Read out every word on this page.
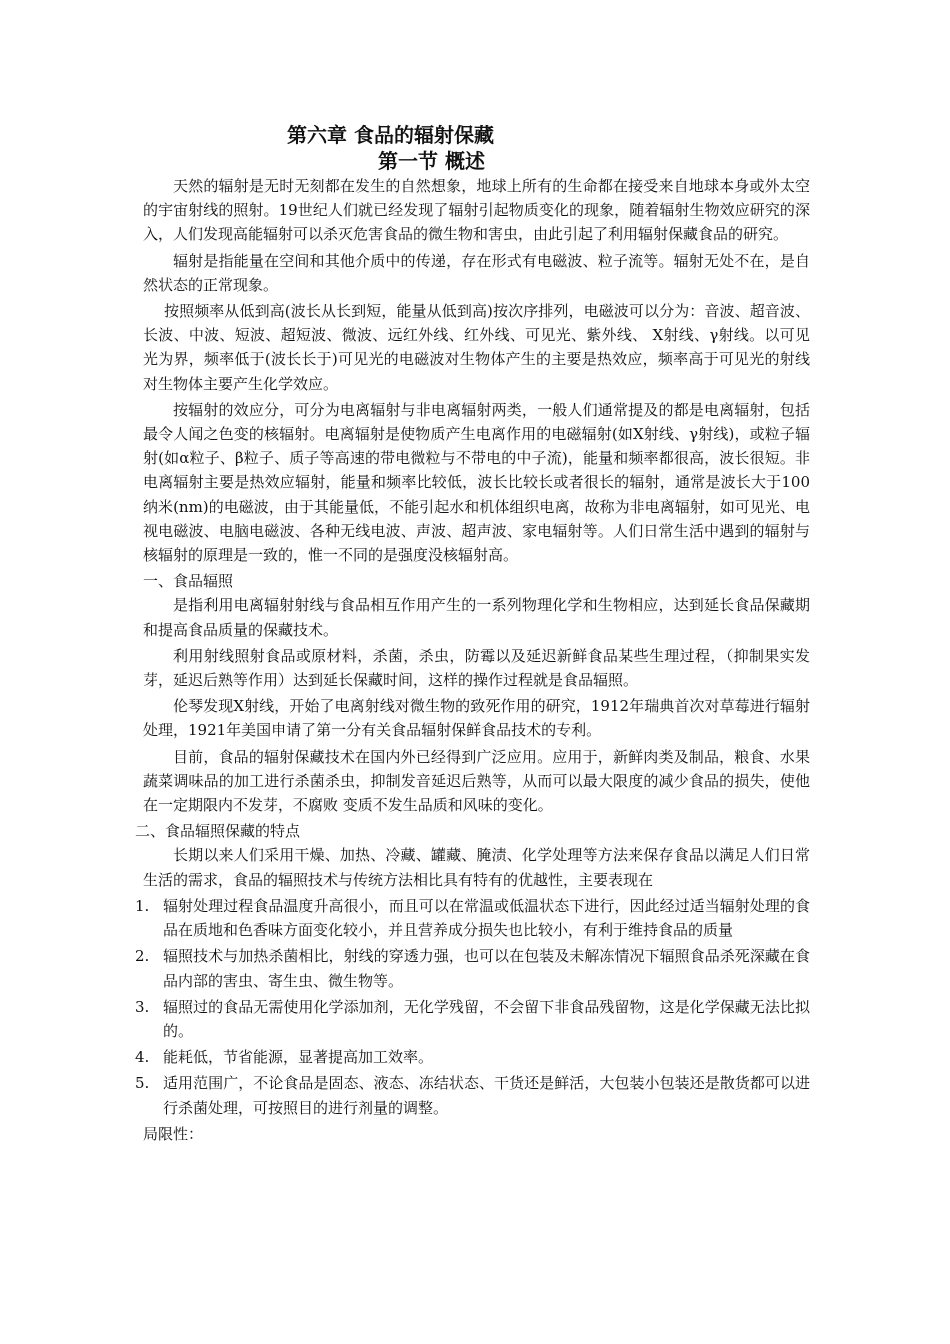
第六章 食品的辐射保藏
第一节 概述

天然的辐射是无时无刻都在发生的自然想象，地球上所有的生命都在接受来自地球本身或外太空的宇宙射线的照射。19世纪人们就已经发现了辐射引起物质变化的现象，随着辐射生物效应研究的深入，人们发现高能辐射可以杀灭危害食品的微生物和害虫，由此引起了利用辐射保藏食品的研究。

辐射是指能量在空间和其他介质中的传递，存在形式有电磁波、粒子流等。辐射无处不在，是自然状态的正常现象。

按照频率从低到高(波长从长到短，能量从低到高)按次序排列，电磁波可以分为：音波、超音波、长波、中波、短波、超短波、微波、远红外线、红外线、可见光、紫外线、 X射线、γ射线。以可见光为界，频率低于(波长长于)可见光的电磁波对生物体产生的主要是热效应，频率高于可见光的射线对生物体主要产生化学效应。

按辐射的效应分，可分为电离辐射与非电离辐射两类，一般人们通常提及的都是电离辐射，包括最令人闻之色变的核辐射。电离辐射是使物质产生电离作用的电磁辐射(如X射线、γ射线)，或粒子辐射(如α粒子、β粒子、质子等高速的带电微粒与不带电的中子流)，能量和频率都很高，波长很短。非电离辐射主要是热效应辐射，能量和频率比较低，波长比较长或者很长的辐射，通常是波长大于100纳米(nm)的电磁波，由于其能量低，不能引起水和机体组织电离，故称为非电离辐射，如可见光、电视电磁波、电脑电磁波、各种无线电波、声波、超声波、家电辐射等。人们日常生活中遇到的辐射与核辐射的原理是一致的，惟一不同的是强度没核辐射高。

一、食品辐照

是指利用电离辐射射线与食品相互作用产生的一系列物理化学和生物相应，达到延长食品保藏期和提高食品质量的保藏技术。

利用射线照射食品或原材料，杀菌，杀虫，防霉以及延迟新鲜食品某些生理过程，（抑制果实发芽，延迟后熟等作用）达到延长保藏时间，这样的操作过程就是食品辐照。

伦琴发现X射线，开始了电离射线对微生物的致死作用的研究，1912年瑞典首次对草莓进行辐射处理，1921年美国申请了第一分有关食品辐射保鲜食品技术的专利。

目前，食品的辐射保藏技术在国内外已经得到广泛应用。应用于，新鲜肉类及制品，粮食、水果蔬菜调味品的加工进行杀菌杀虫，抑制发音延迟后熟等，从而可以最大限度的减少食品的损失，使他在一定期限内不发芽，不腐败 变质不发生品质和风味的变化。

二、食品辐照保藏的特点

长期以来人们采用干燥、加热、冷藏、罐藏、腌渍、化学处理等方法来保存食品以满足人们日常生活的需求，食品的辐照技术与传统方法相比具有特有的优越性，主要表现在

1. 辐射处理过程食品温度升高很小，而且可以在常温或低温状态下进行，因此经过适当辐射处理的食品在质地和色香味方面变化较小，并且营养成分损失也比较小，有利于维持食品的质量
2. 辐照技术与加热杀菌相比，射线的穿透力强，也可以在包装及未解冻情况下辐照食品杀死深藏在食品内部的害虫、寄生虫、微生物等。
3. 辐照过的食品无需使用化学添加剂，无化学残留，不会留下非食品残留物，这是化学保藏无法比拟的。
4. 能耗低，节省能源，显著提高加工效率。
5. 适用范围广，不论食品是固态、液态、冻结状态、干货还是鲜活，大包装小包装还是散货都可以进行杀菌处理，可按照目的进行剂量的调整。

局限性：
